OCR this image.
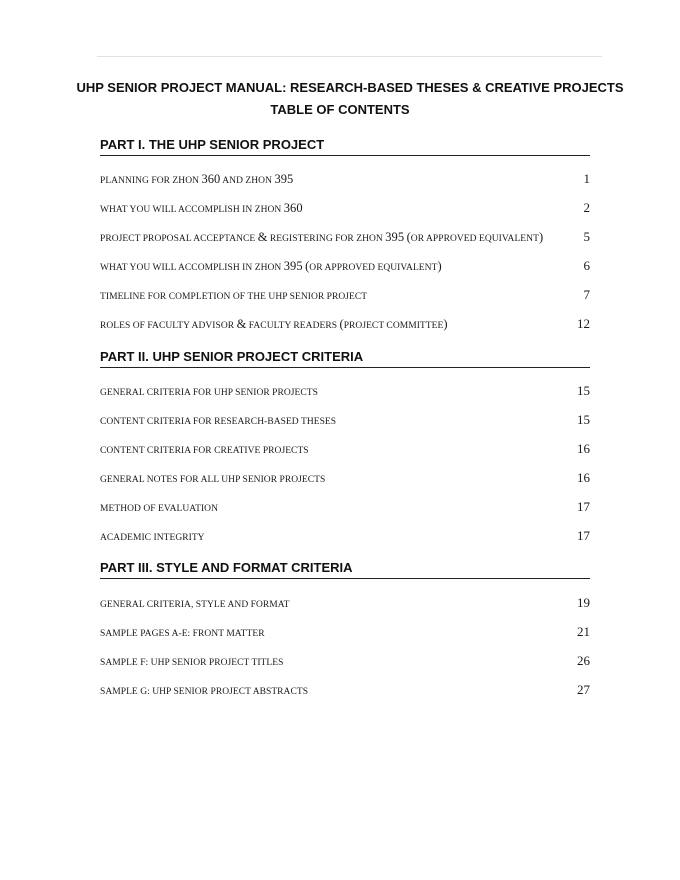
UHP SENIOR PROJECT MANUAL: RESEARCH-BASED THESES & CREATIVE PROJECTS
TABLE OF CONTENTS
PART I. THE UHP SENIOR PROJECT
PLANNING FOR ZHON 360 AND ZHON 395	1
WHAT YOU WILL ACCOMPLISH IN ZHON 360	2
PROJECT PROPOSAL ACCEPTANCE & REGISTERING FOR ZHON 395 (OR APPROVED EQUIVALENT)	5
WHAT YOU WILL ACCOMPLISH IN ZHON 395 (OR APPROVED EQUIVALENT)	6
TIMELINE FOR COMPLETION OF THE UHP SENIOR PROJECT	7
ROLES OF FACULTY ADVISOR & FACULTY READERS (PROJECT COMMITTEE)	12
PART II. UHP SENIOR PROJECT CRITERIA
GENERAL CRITERIA FOR UHP SENIOR PROJECTS	15
CONTENT CRITERIA FOR RESEARCH-BASED THESES	15
CONTENT CRITERIA FOR CREATIVE PROJECTS	16
GENERAL NOTES FOR ALL UHP SENIOR PROJECTS	16
METHOD OF EVALUATION	17
ACADEMIC INTEGRITY	17
PART III. STYLE AND FORMAT CRITERIA
GENERAL CRITERIA, STYLE AND FORMAT	19
SAMPLE PAGES A-E: FRONT MATTER	21
SAMPLE F: UHP SENIOR PROJECT TITLES	26
SAMPLE G: UHP SENIOR PROJECT ABSTRACTS	27
